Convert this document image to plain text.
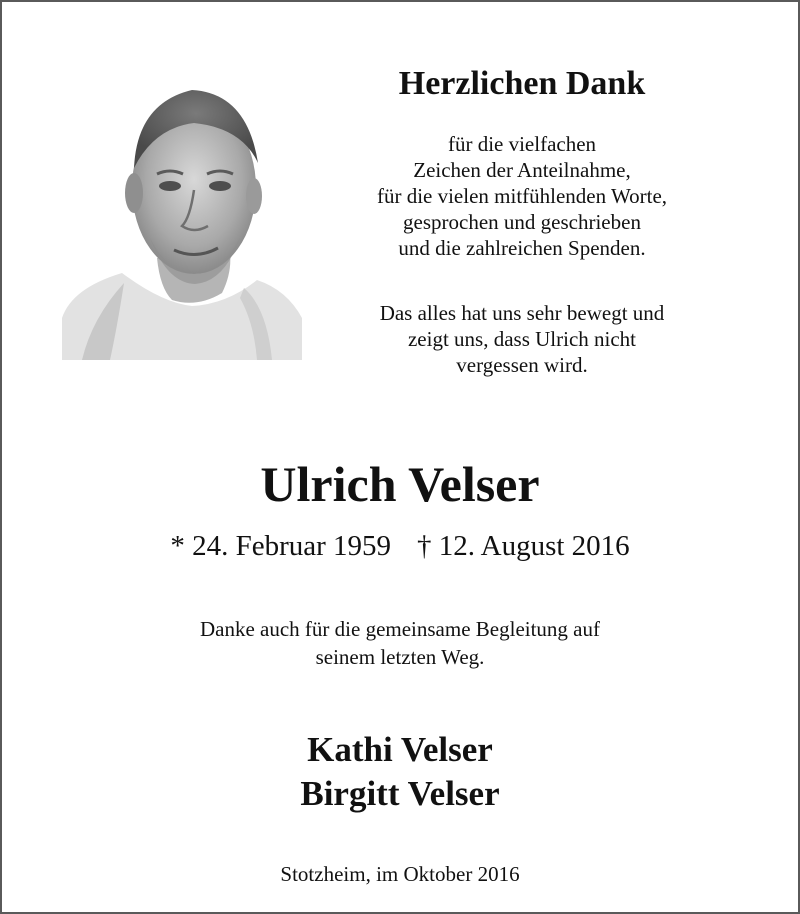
Herzlichen Dank
für die vielfachen
Zeichen der Anteilnahme,
für die vielen mitfühlenden Worte,
gesprochen und geschrieben
und die zahlreichen Spenden.
Das alles hat uns sehr bewegt und
zeigt uns, dass Ulrich nicht
vergessen wird.
Ulrich Velser
* 24. Februar 1959 † 12. August 2016
Danke auch für die gemeinsame Begleitung auf
seinem letzten Weg.
Kathi Velser
Birgitt Velser
Stotzheim, im Oktober 2016
